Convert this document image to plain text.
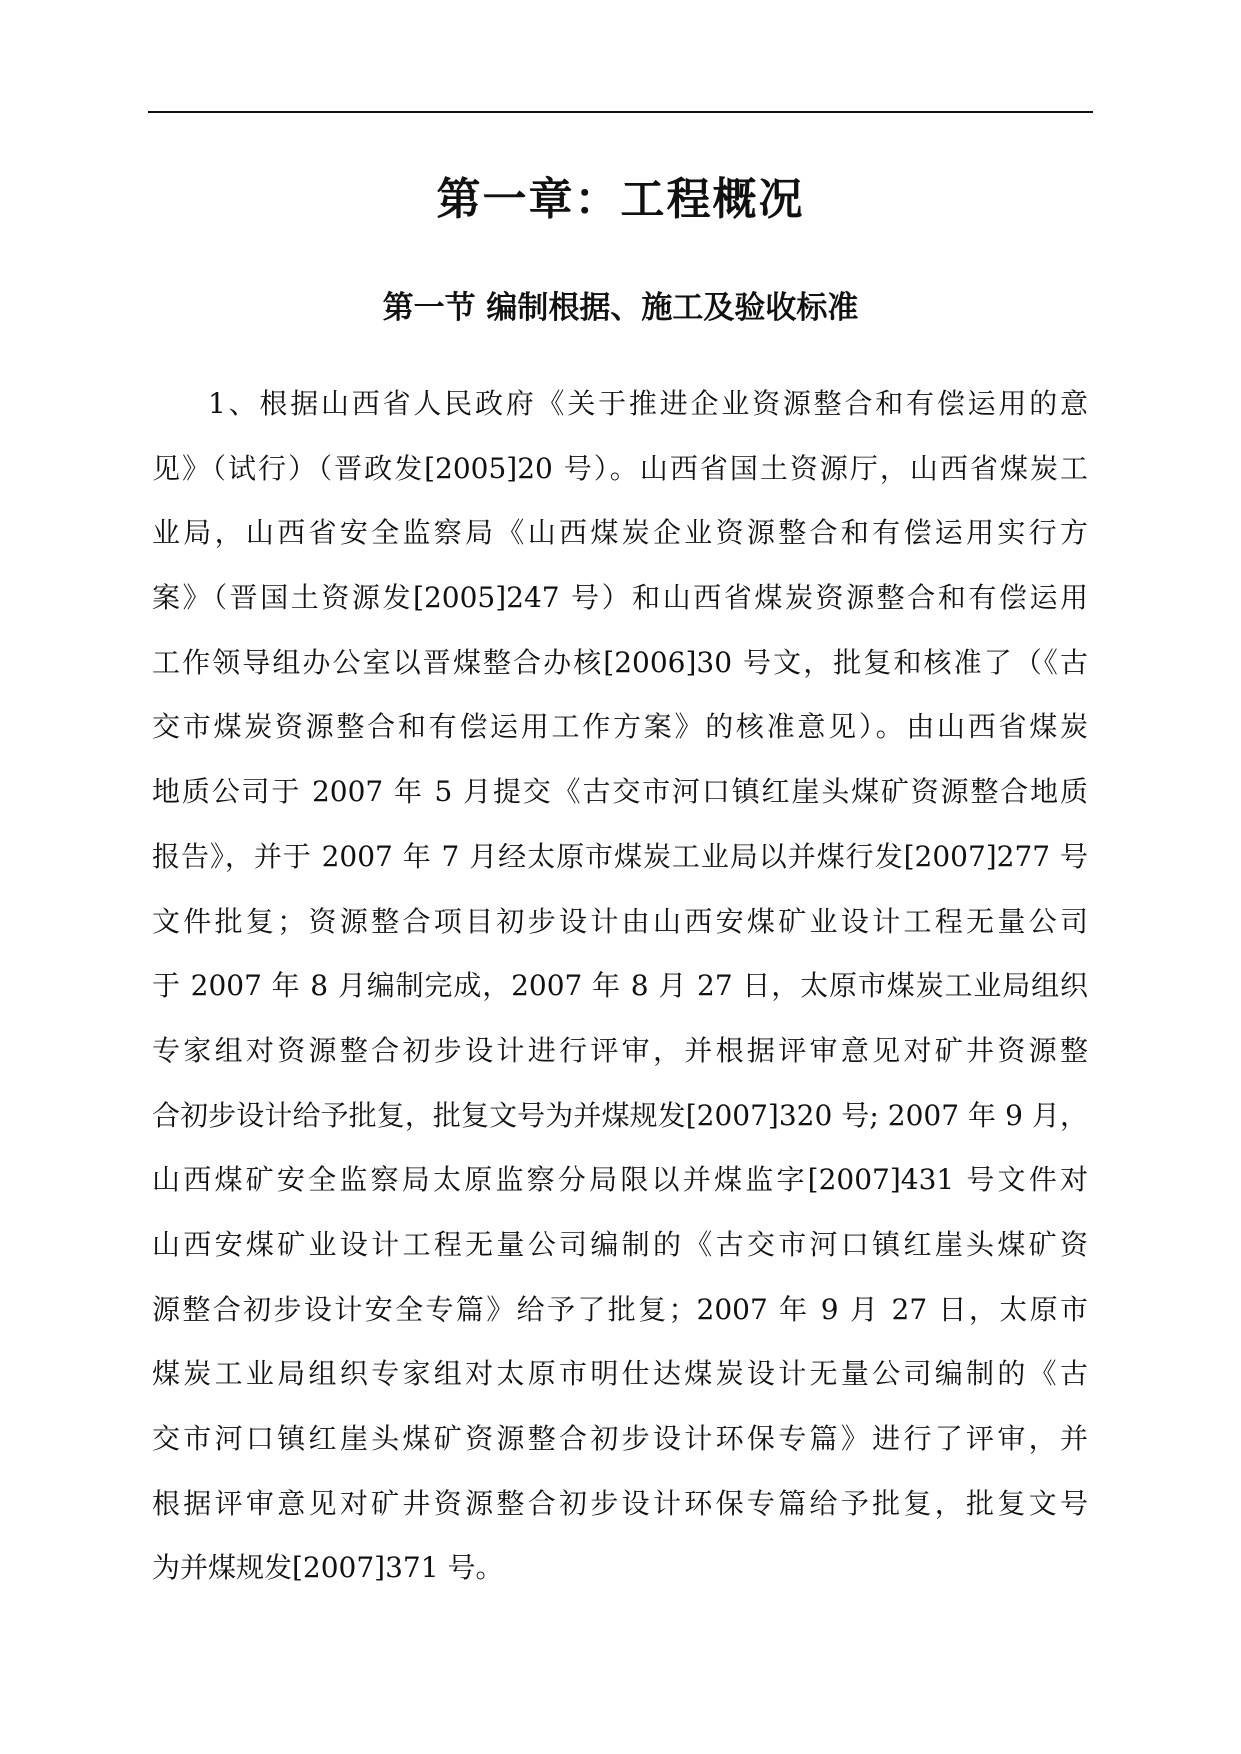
第一章：工程概况
第一节 编制根据、施工及验收标准
1、根据山西省人民政府《关于推进企业资源整合和有偿运用的意
见》（试行）（晋政发[2005]20 号）。山西省国土资源厅，山西省煤炭工
业局，山西省安全监察局《山西煤炭企业资源整合和有偿运用实行方
案》（晋国土资源发[2005]247 号）和山西省煤炭资源整合和有偿运用
工作领导组办公室以晋煤整合办核[2006]30 号文，批复和核准了（《古
交市煤炭资源整合和有偿运用工作方案》的核准意见）。由山西省煤炭
地质公司于 2007 年 5 月提交《古交市河口镇红崖头煤矿资源整合地质
报告》，并于 2007 年 7 月经太原市煤炭工业局以并煤行发[2007]277 号
文件批复；资源整合项目初步设计由山西安煤矿业设计工程无量公司
于 2007 年 8 月编制完成，2007 年 8 月 27 日，太原市煤炭工业局组织
专家组对资源整合初步设计进行评审，并根据评审意见对矿井资源整
合初步设计给予批复，批复文号为并煤规发[2007]320 号; 2007 年 9 月，
山西煤矿安全监察局太原监察分局限以并煤监字[2007]431 号文件对
山西安煤矿业设计工程无量公司编制的《古交市河口镇红崖头煤矿资
源整合初步设计安全专篇》给予了批复；2007 年 9 月 27 日，太原市
煤炭工业局组织专家组对太原市明仕达煤炭设计无量公司编制的《古
交市河口镇红崖头煤矿资源整合初步设计环保专篇》进行了评审，并
根据评审意见对矿井资源整合初步设计环保专篇给予批复，批复文号
为并煤规发[2007]371 号。
